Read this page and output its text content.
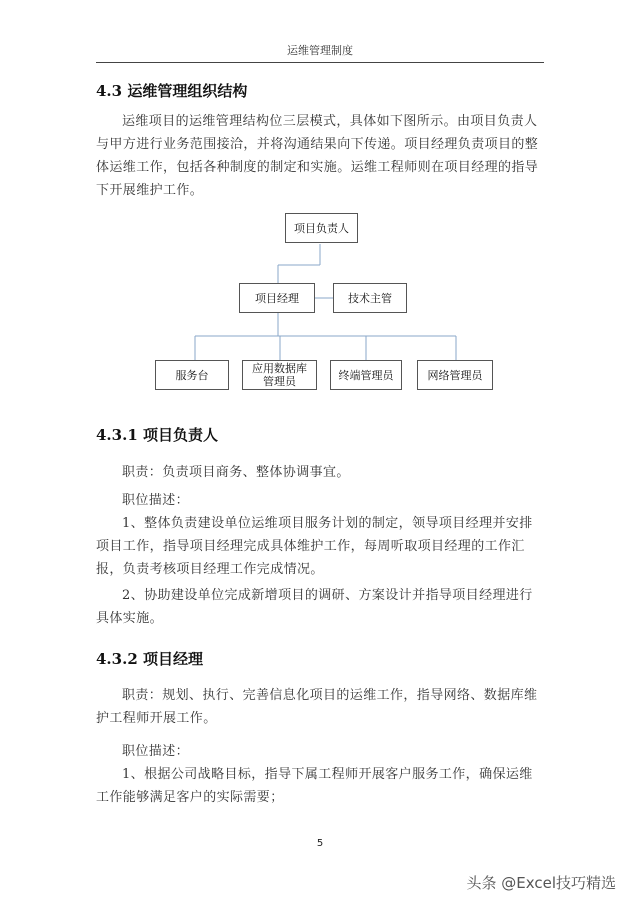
运维管理制度
4.3 运维管理组织结构

运维项目的运维管理结构位三层模式，具体如下图所示。由项目负责人与甲方进行业务范围接洽，并将沟通结果向下传递。项目经理负责项目的整体运维工作，包括各种制度的制定和实施。运维工程师则在项目经理的指导下开展维护工作。

项目负责人
项目经理	技术主管
服务台	应用数据库
管理员	终端管理员	网络管理员
4.3.1 项目负责人
职责：负责项目商务、整体协调事宜。
职位描述：

1、整体负责建设单位运维项目服务计划的制定，领导项目经理并安排项目工作，指导项目经理完成具体维护工作，每周听取项目经理的工作汇报，负责考核项目经理工作完成情况。

2、协助建设单位完成新增项目的调研、方案设计并指导项目经理进行具体实施。

4.3.2 项目经理

职责：规划、执行、完善信息化项目的运维工作，指导网络、数据库维护工程师开展工作。

职位描述：

1、根据公司战略目标，指导下属工程师开展客户服务工作，确保运维工作能够满足客户的实际需要；

5
头条 @Excel技巧精选
